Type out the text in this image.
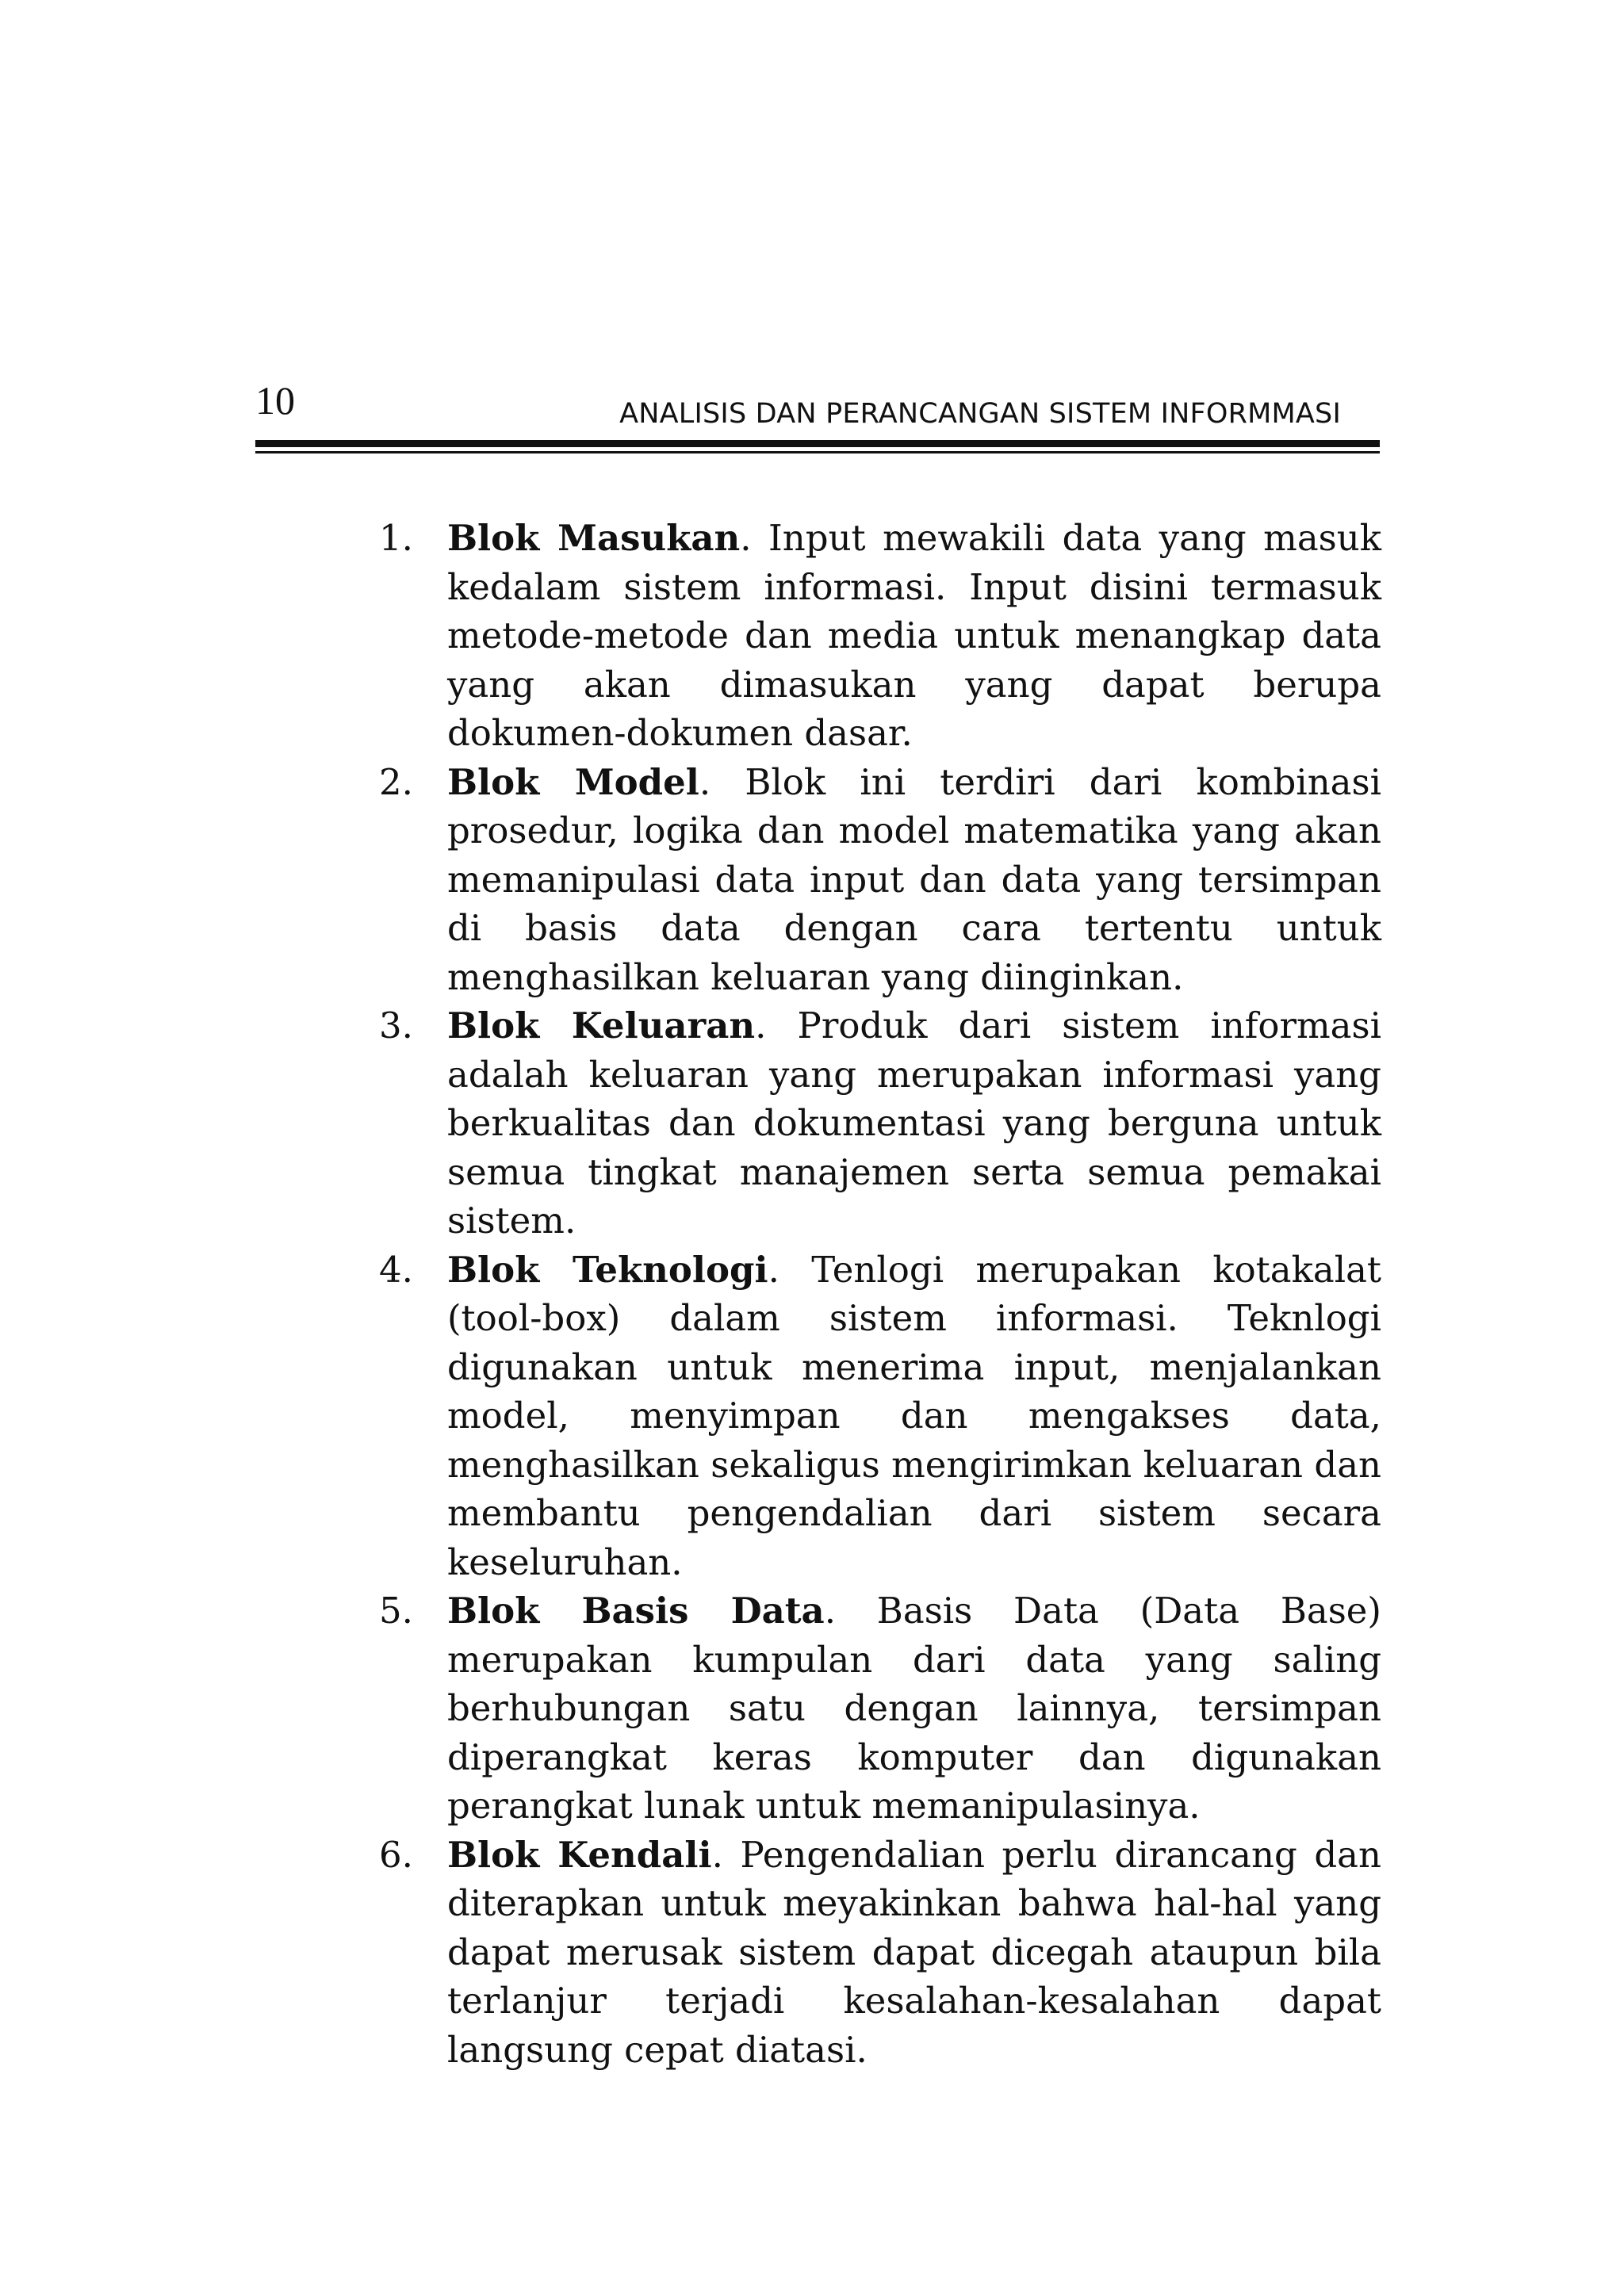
10	ANALISIS DAN PERANCANGAN SISTEM INFORMMASI
1. Blok Masukan. Input mewakili data yang masuk kedalam sistem informasi. Input disini termasuk metode-metode dan media untuk menangkap data yang akan dimasukan yang dapat berupa dokumen-dokumen dasar.
2. Blok Model. Blok ini terdiri dari kombinasi prosedur, logika dan model matematika yang akan memanipulasi data input dan data yang tersimpan di basis data dengan cara tertentu untuk menghasilkan keluaran yang diinginkan.
3. Blok Keluaran. Produk dari sistem informasi adalah keluaran yang merupakan informasi yang berkualitas dan dokumentasi yang berguna untuk semua tingkat manajemen serta semua pemakai sistem.
4. Blok Teknologi. Tenlogi merupakan kotakalat (tool-box) dalam sistem informasi. Teknlogi digunakan untuk menerima input, menjalankan model, menyimpan dan mengakses data, menghasilkan sekaligus mengirimkan keluaran dan membantu pengendalian dari sistem secara keseluruhan.
5. Blok Basis Data. Basis Data (Data Base) merupakan kumpulan dari data yang saling berhubungan satu dengan lainnya, tersimpan diperangkat keras komputer dan digunakan perangkat lunak untuk memanipulasinya.
6. Blok Kendali. Pengendalian perlu dirancang dan diterapkan untuk meyakinkan bahwa hal-hal yang dapat merusak sistem dapat dicegah ataupun bila terlanjur terjadi kesalahan-kesalahan dapat langsung cepat diatasi.
